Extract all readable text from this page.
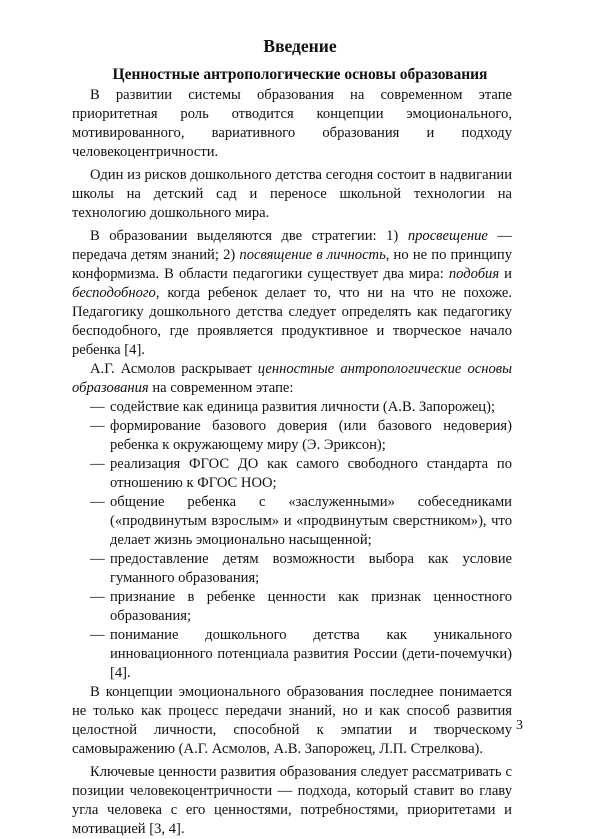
Введение
Ценностные антропологические основы образования

В развитии системы образования на современном этапе приоритетная роль отводится концепции эмоционального, мотивированного, вариативного образования и подходу человекоцентричности.

Один из рисков дошкольного детства сегодня состоит в надвигании школы на детский сад и переносе школьной технологии на технологию дошкольного мира.

В образовании выделяются две стратегии: 1) просвещение — передача детям знаний; 2) посвящение в личность, но не по принципу конформизма. В области педагогики существует два мира: подобия и бесподобного, когда ребенок делает то, что ни на что не похоже. Педагогику дошкольного детства следует определять как педагогику бесподобного, где проявляется продуктивное и творческое начало ребенка [4].

А.Г. Асмолов раскрывает ценностные антропологические основы образования на современном этапе:

— содействие как единица развития личности (А.В. Запорожец);

— формирование базового доверия (или базового недоверия) ребенка к окружающему миру (Э. Эриксон);

— реализация ФГОС ДО как самого свободного стандарта по отношению к ФГОС НОО;

— общение ребенка с «заслуженными» собеседниками («продвинутым взрослым» и «продвинутым сверстником»), что делает жизнь эмоционально насыщенной;

— предоставление детям возможности выбора как условие гуманного образования;

— признание в ребенке ценности как признак ценностного образования;

— понимание дошкольного детства как уникального инновационного потенциала развития России (дети-почемучки) [4].

В концепции эмоционального образования последнее понимается не только как процесс передачи знаний, но и как способ развития целостной личности, способной к эмпатии и творческому самовыражению (А.Г. Асмолов, А.В. Запорожец, Л.П. Стрелкова).

Ключевые ценности развития образования следует рассматривать с позиции человекоцентричности — подхода, который ставит во главу угла человека с его ценностями, потребностями, приоритетами и мотивацией [3, 4].

3
